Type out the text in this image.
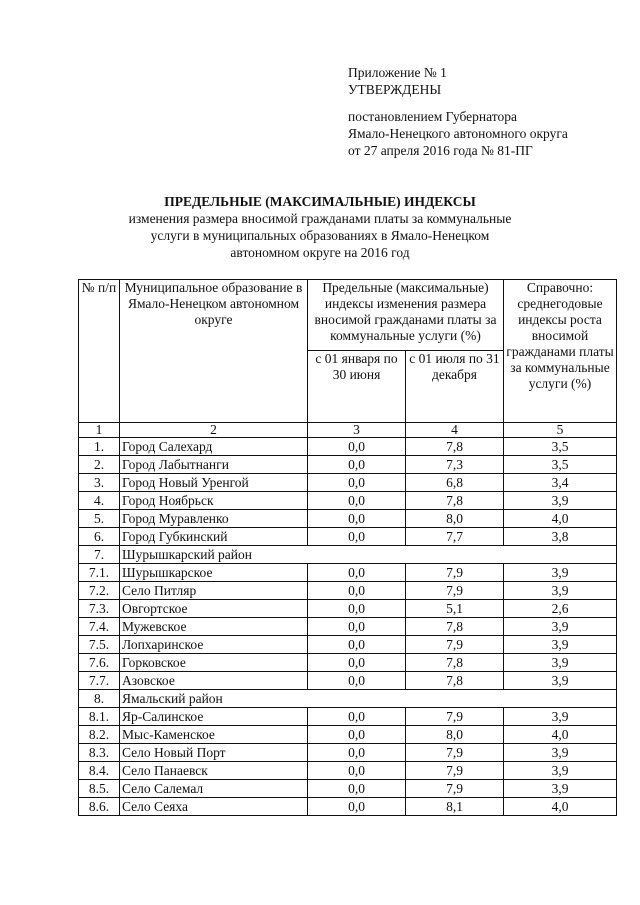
Приложение № 1
УТВЕРЖДЕНЫ
постановлением Губернатора
Ямало-Ненецкого автономного округа
от 27 апреля 2016 года № 81-ПГ
ПРЕДЕЛЬНЫЕ (МАКСИМАЛЬНЫЕ) ИНДЕКСЫ
изменения размера вносимой гражданами платы за коммунальные
услуги в муниципальных образованиях в Ямало-Ненецком
автономном округе на 2016 год
№ п/п	Муниципальное образование в Ямало-Ненецком автономном округе	Предельные (максимальные) индексы изменения размера вносимой гражданами платы за коммунальные услуги (%)		Справочно: среднегодовые индексы роста вносимой гражданами платы за коммунальные услуги (%)
		с 01 января по 30 июня	с 01 июля по 31 декабря	
1	2	3	4	5
1.	Город Салехард	0,0	7,8	3,5
2.	Город Лабытнанги	0,0	7,3	3,5
3.	Город Новый Уренгой	0,0	6,8	3,4
4.	Город Ноябрьск	0,0	7,8	3,9
5.	Город Муравленко	0,0	8,0	4,0
6.	Город Губкинский	0,0	7,7	3,8
7.	Шурышкарский район			
7.1.	Шурышкарское	0,0	7,9	3,9
7.2.	Село Питляр	0,0	7,9	3,9
7.3.	Овгортское	0,0	5,1	2,6
7.4.	Мужевское	0,0	7,8	3,9
7.5.	Лопхаринское	0,0	7,9	3,9
7.6.	Горковское	0,0	7,8	3,9
7.7.	Азовское	0,0	7,8	3,9
8.	Ямальский район			
8.1.	Яр-Салинское	0,0	7,9	3,9
8.2.	Мыс-Каменское	0,0	8,0	4,0
8.3.	Село Новый Порт	0,0	7,9	3,9
8.4.	Село Панаевск	0,0	7,9	3,9
8.5.	Село Салемал	0,0	7,9	3,9
8.6.	Село Сеяха	0,0	8,1	4,0
